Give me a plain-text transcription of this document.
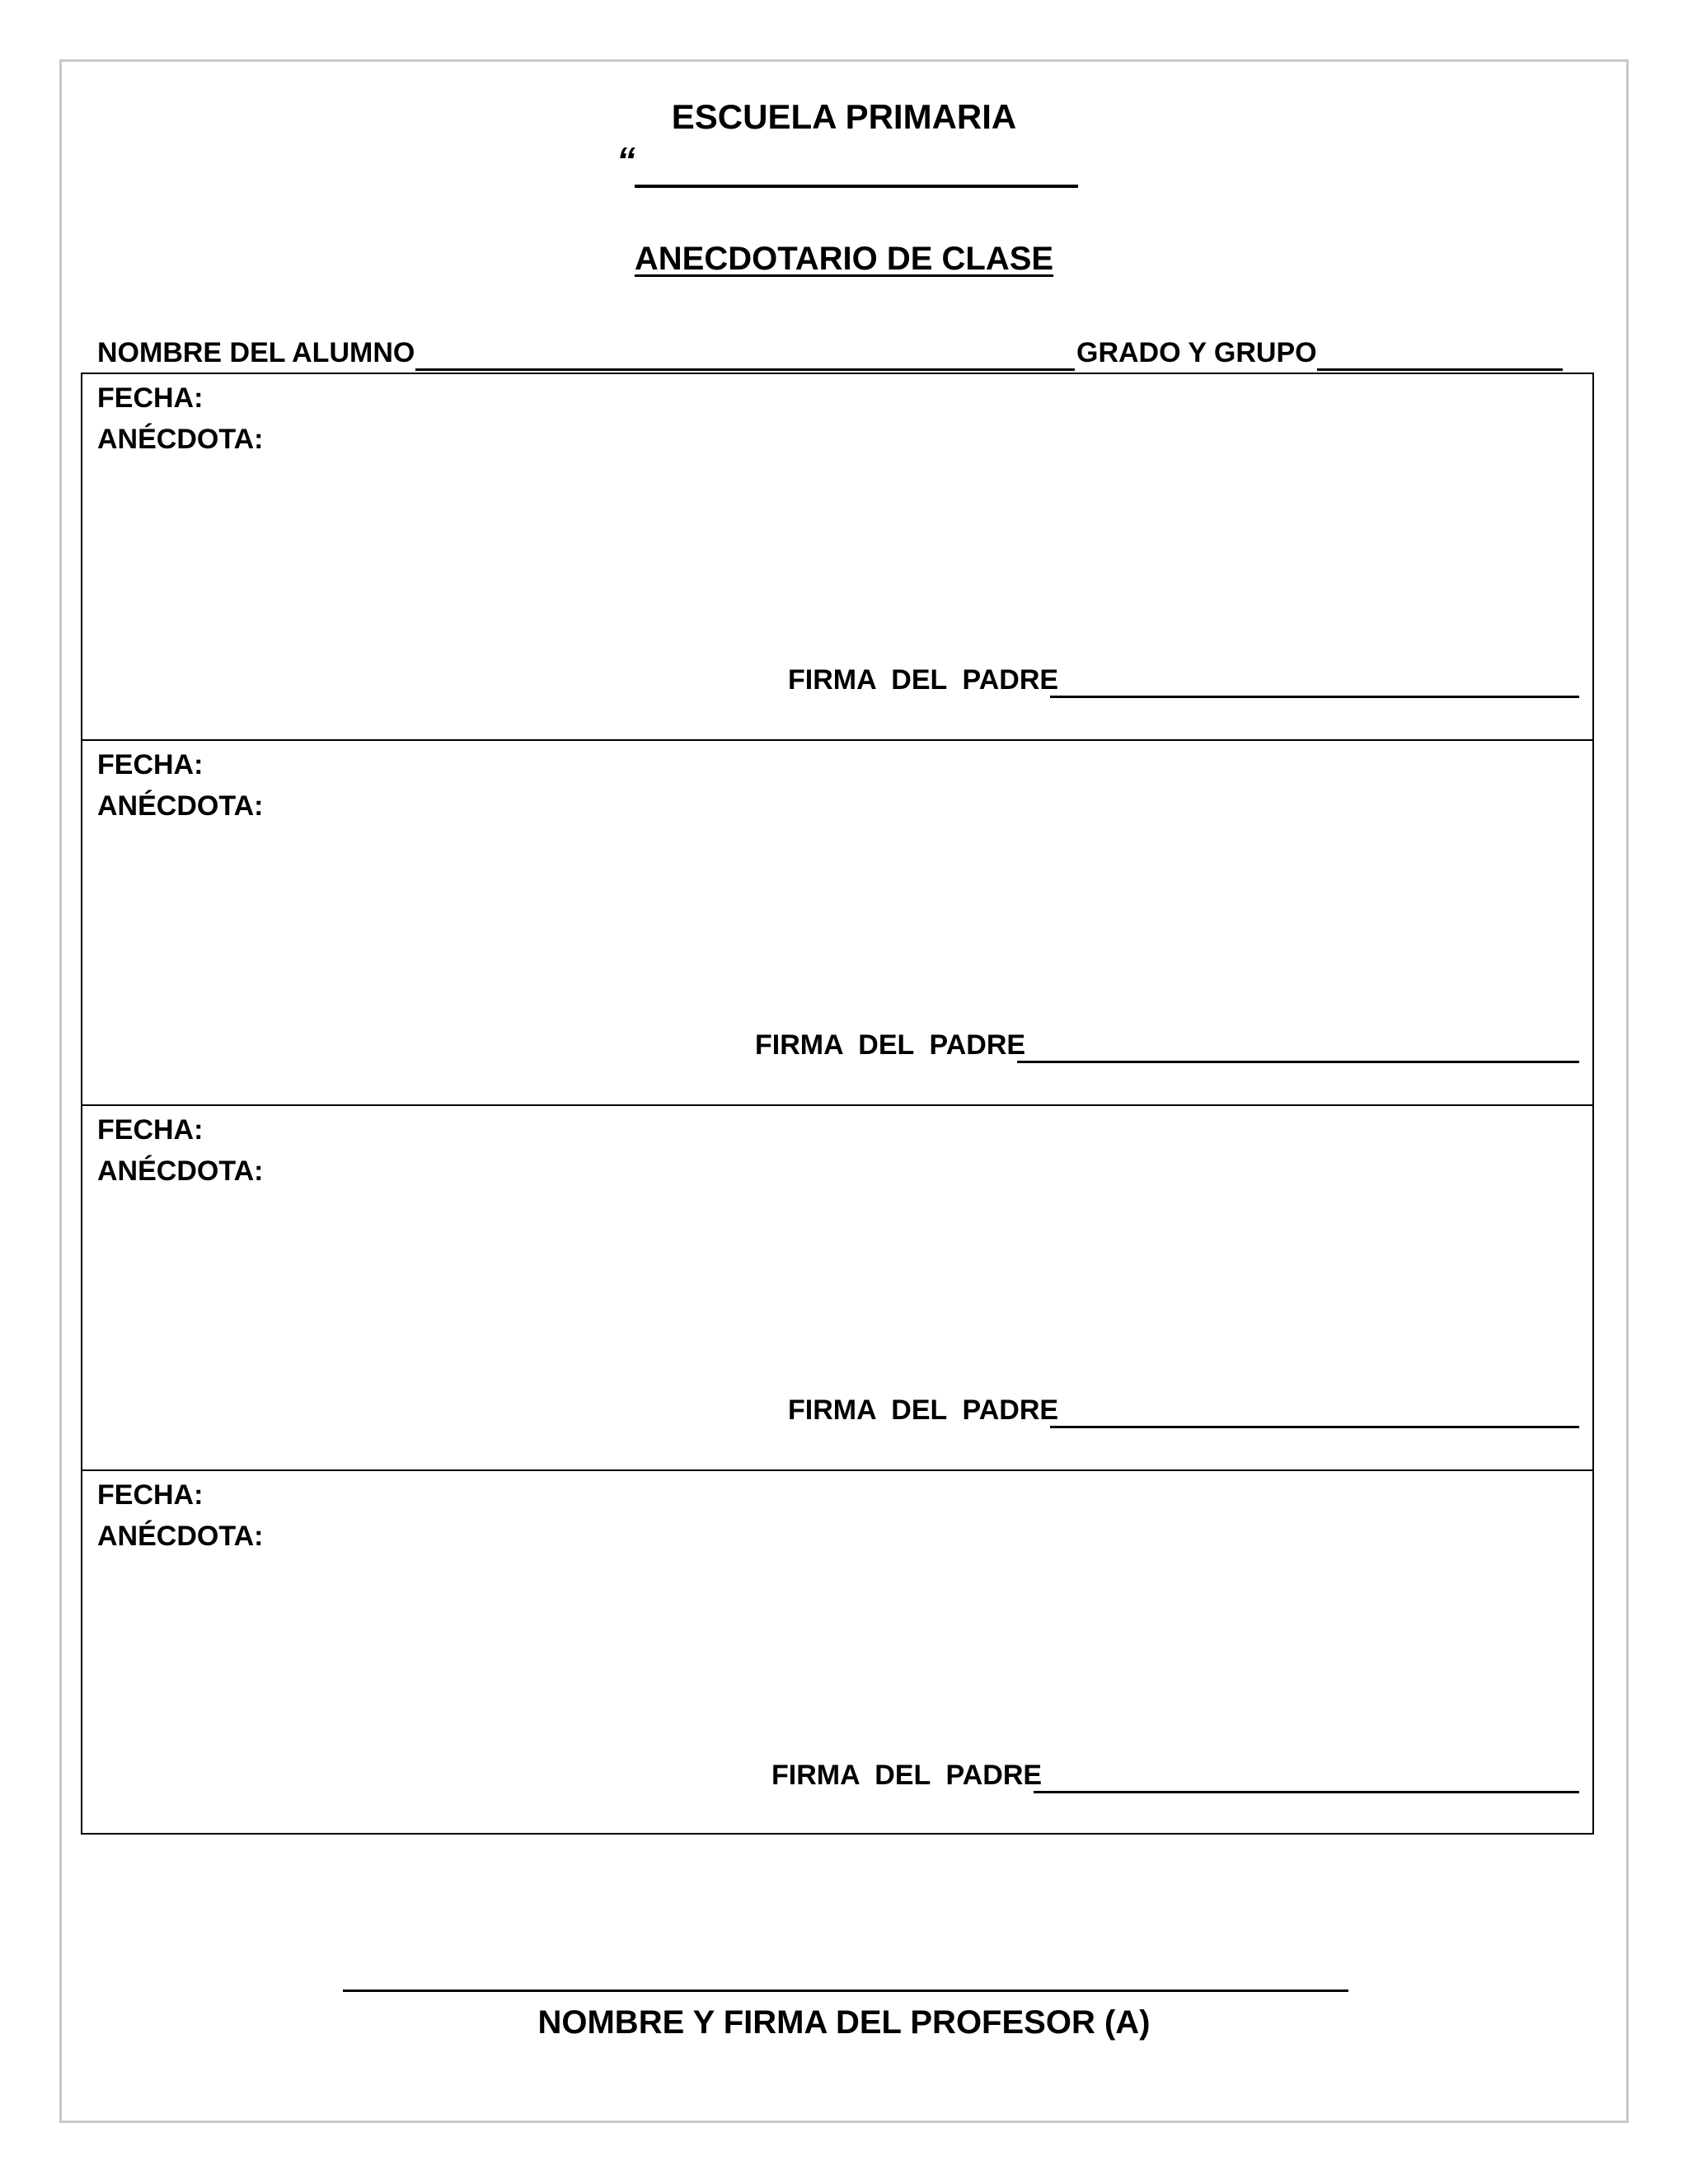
ESCUELA PRIMARIA
“
ANECDOTARIO DE CLASE
NOMBRE DEL ALUMNO	GRADO Y GRUPO
FECHA:
ANÉCDOTA:
FIRMA  DEL  PADRE
FECHA:
ANÉCDOTA:
FIRMA  DEL  PADRE
FECHA:
ANÉCDOTA:
FIRMA  DEL  PADRE
FECHA:
ANÉCDOTA:
FIRMA  DEL  PADRE
NOMBRE Y FIRMA DEL PROFESOR (A)
